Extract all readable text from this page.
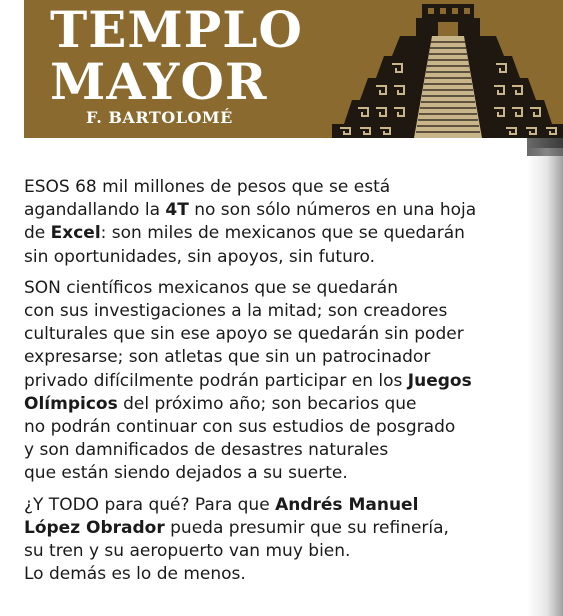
TEMPLO
MAYOR
F. BARTOLOMÉ

ESOS 68 mil millones de pesos que se está
agandallando la 4T no son sólo números en una hoja
de Excel: son miles de mexicanos que se quedarán
sin oportunidades, sin apoyos, sin futuro.

SON científicos mexicanos que se quedarán
con sus investigaciones a la mitad; son creadores
culturales que sin ese apoyo se quedarán sin poder
expresarse; son atletas que sin un patrocinador
privado difícilmente podrán participar en los Juegos
Olímpicos del próximo año; son becarios que
no podrán continuar con sus estudios de posgrado
y son damnificados de desastres naturales
que están siendo dejados a su suerte.

¿Y TODO para qué? Para que Andrés Manuel
López Obrador pueda presumir que su refinería,
su tren y su aeropuerto van muy bien.
Lo demás es lo de menos.
